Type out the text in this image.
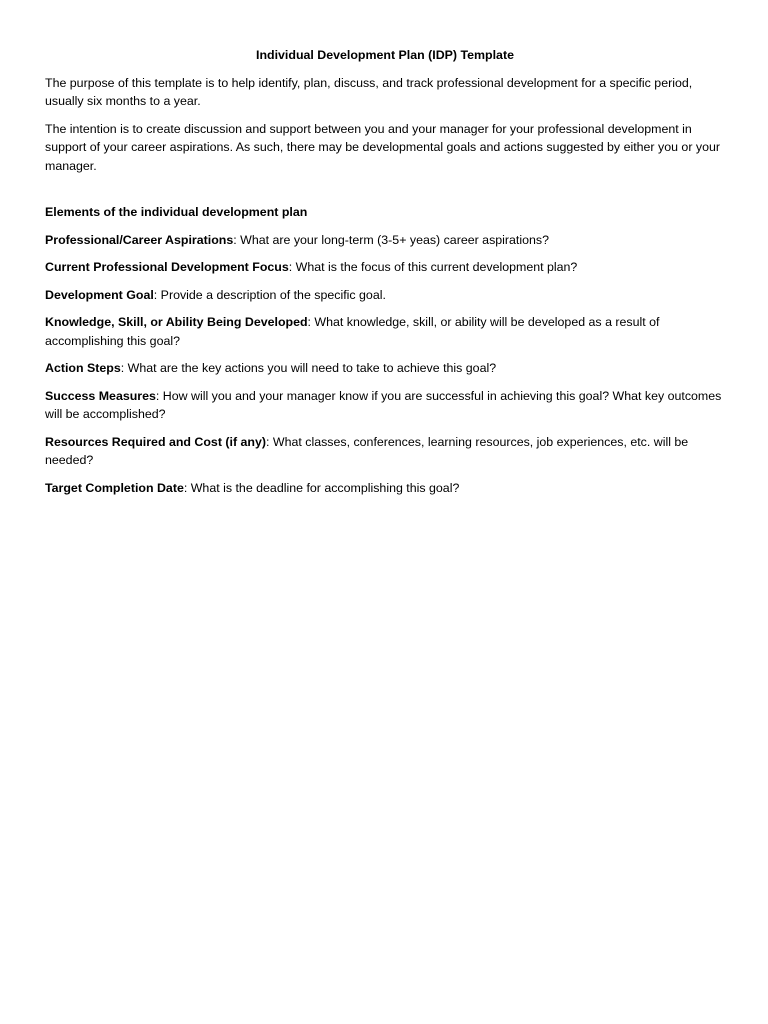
Individual Development Plan (IDP) Template

The purpose of this template is to help identify, plan, discuss, and track professional development for a specific period, usually six months to a year.

The intention is to create discussion and support between you and your manager for your professional development in support of your career aspirations. As such, there may be developmental goals and actions suggested by either you or your manager.

Elements of the individual development plan

Professional/Career Aspirations: What are your long-term (3-5+ yeas) career aspirations?

Current Professional Development Focus: What is the focus of this current development plan?

Development Goal: Provide a description of the specific goal.

Knowledge, Skill, or Ability Being Developed: What knowledge, skill, or ability will be developed as a result of accomplishing this goal?

Action Steps: What are the key actions you will need to take to achieve this goal?

Success Measures: How will you and your manager know if you are successful in achieving this goal? What key outcomes will be accomplished?

Resources Required and Cost (if any): What classes, conferences, learning resources, job experiences, etc. will be needed?

Target Completion Date: What is the deadline for accomplishing this goal?
